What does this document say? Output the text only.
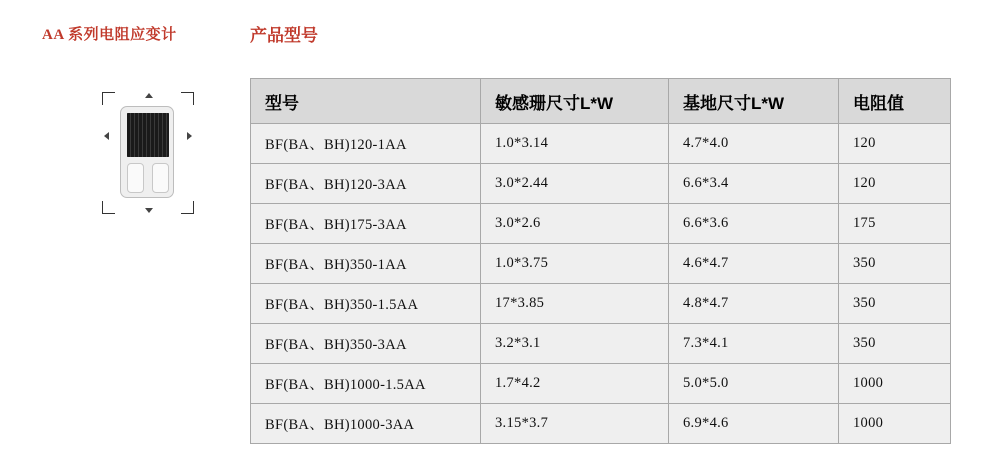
AA 系列电阻应变计	产品型号
型号	敏感珊尺寸L*W	基地尺寸L*W	电阻值
BF(BA、BH)120-1AA	1.0*3.14	4.7*4.0	120
BF(BA、BH)120-3AA	3.0*2.44	6.6*3.4	120
BF(BA、BH)175-3AA	3.0*2.6	6.6*3.6	175
BF(BA、BH)350-1AA	1.0*3.75	4.6*4.7	350
BF(BA、BH)350-1.5AA	17*3.85	4.8*4.7	350
BF(BA、BH)350-3AA	3.2*3.1	7.3*4.1	350
BF(BA、BH)1000-1.5AA	1.7*4.2	5.0*5.0	1000
BF(BA、BH)1000-3AA	3.15*3.7	6.9*4.6	1000
